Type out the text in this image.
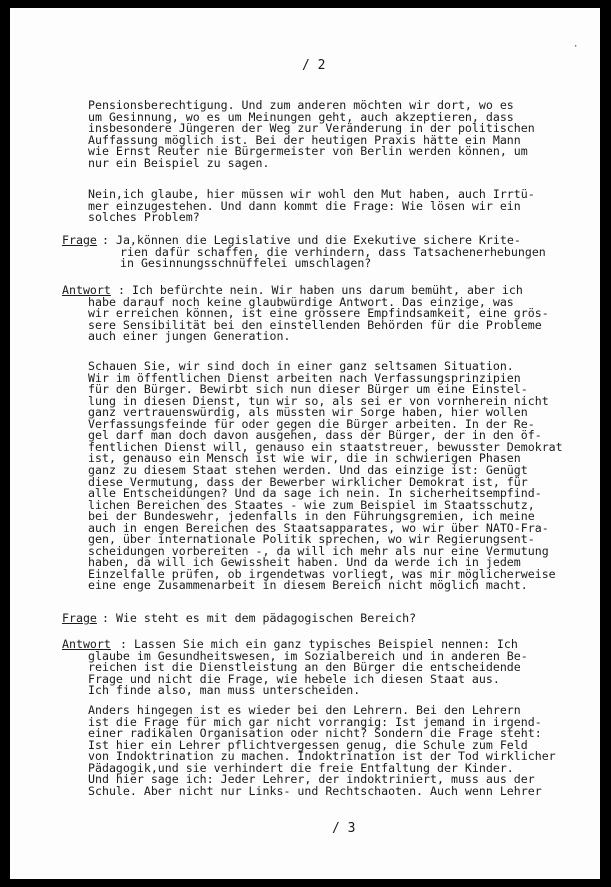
/ 2
·
Pensionsberechtigung. Und zum anderen möchten wir dort, wo es
um Gesinnung, wo es um Meinungen geht, auch akzeptieren, dass
insbesondere Jüngeren der Weg zur Veränderung in der politischen
Auffassung möglich ist. Bei der heutigen Praxis hätte ein Mann
wie Ernst Reuter nie Bürgermeister von Berlin werden können, um
nur ein Beispiel zu sagen.
Nein,ich glaube, hier müssen wir wohl den Mut haben, auch Irrtü-
mer einzugestehen. Und dann kommt die Frage: Wie lösen wir ein
solches Problem?
Frage : Ja,können die Legislative und die Exekutive sichere Krite-
rien dafür schaffen, die verhindern, dass Tatsachenerhebungen
in Gesinnungsschnüffelei umschlagen?
Antwort : Ich befürchte nein. Wir haben uns darum bemüht, aber ich
habe darauf noch keine glaubwürdige Antwort. Das einzige, was
wir erreichen können, ist eine grössere Empfindsamkeit, eine grös-
sere Sensibilität bei den einstellenden Behörden für die Probleme
auch einer jungen Generation.
Schauen Sie, wir sind doch in einer ganz seltsamen Situation.
Wir im öffentlichen Dienst arbeiten nach Verfassungsprinzipien
für den Bürger. Bewirbt sich nun dieser Bürger um eine Einstel-
lung in diesen Dienst, tun wir so, als sei er von vornherein nicht
ganz vertrauenswürdig, als müssten wir Sorge haben, hier wollen
Verfassungsfeinde für oder gegen die Bürger arbeiten. In der Re-
gel darf man doch davon ausgehen, dass der Bürger, der in den öf-
fentlichen Dienst will, genauso ein staatstreuer, bewusster Demokrat
ist, genauso ein Mensch ist wie wir, die in schwierigen Phasen
ganz zu diesem Staat stehen werden. Und das einzige ist: Genügt
diese Vermutung, dass der Bewerber wirklicher Demokrat ist, für
alle Entscheidungen? Und da sage ich nein. In sicherheitsempfind-
lichen Bereichen des Staates - wie zum Beispiel im Staatsschutz,
bei der Bundeswehr, jedenfalls in den Führungsgremien, ich meine
auch in engen Bereichen des Staatsapparates, wo wir über NATO-Fra-
gen, über internationale Politik sprechen, wo wir Regierungsent-
scheidungen vorbereiten -, da will ich mehr als nur eine Vermutung
haben, da will ich Gewissheit haben. Und da werde ich in jedem
Einzelfalle prüfen, ob irgendetwas vorliegt, was mir möglicherweise
eine enge Zusammenarbeit in diesem Bereich nicht möglich macht.
Frage : Wie steht es mit dem pädagogischen Bereich?
Antwort : Lassen Sie mich ein ganz typisches Beispiel nennen: Ich
glaube im Gesundheitswesen, im Sozialbereich und in anderen Be-
reichen ist die Dienstleistung an den Bürger die entscheidende
Frage und nicht die Frage, wie hebele ich diesen Staat aus.
Ich finde also, man muss unterscheiden.
Anders hingegen ist es wieder bei den Lehrern. Bei den Lehrern
ist die Frage für mich gar nicht vorrangig: Ist jemand in irgend-
einer radikalen Organisation oder nicht? Sondern die Frage steht:
Ist hier ein Lehrer pflichtvergessen genug, die Schule zum Feld
von Indoktrination zu machen. Indoktrination ist der Tod wirklicher
Pädagogik,und sie verhindert die freie Entfaltung der Kinder.
Und hier sage ich: Jeder Lehrer, der indoktriniert, muss aus der
Schule. Aber nicht nur Links- und Rechtschaoten. Auch wenn Lehrer
/ 3
